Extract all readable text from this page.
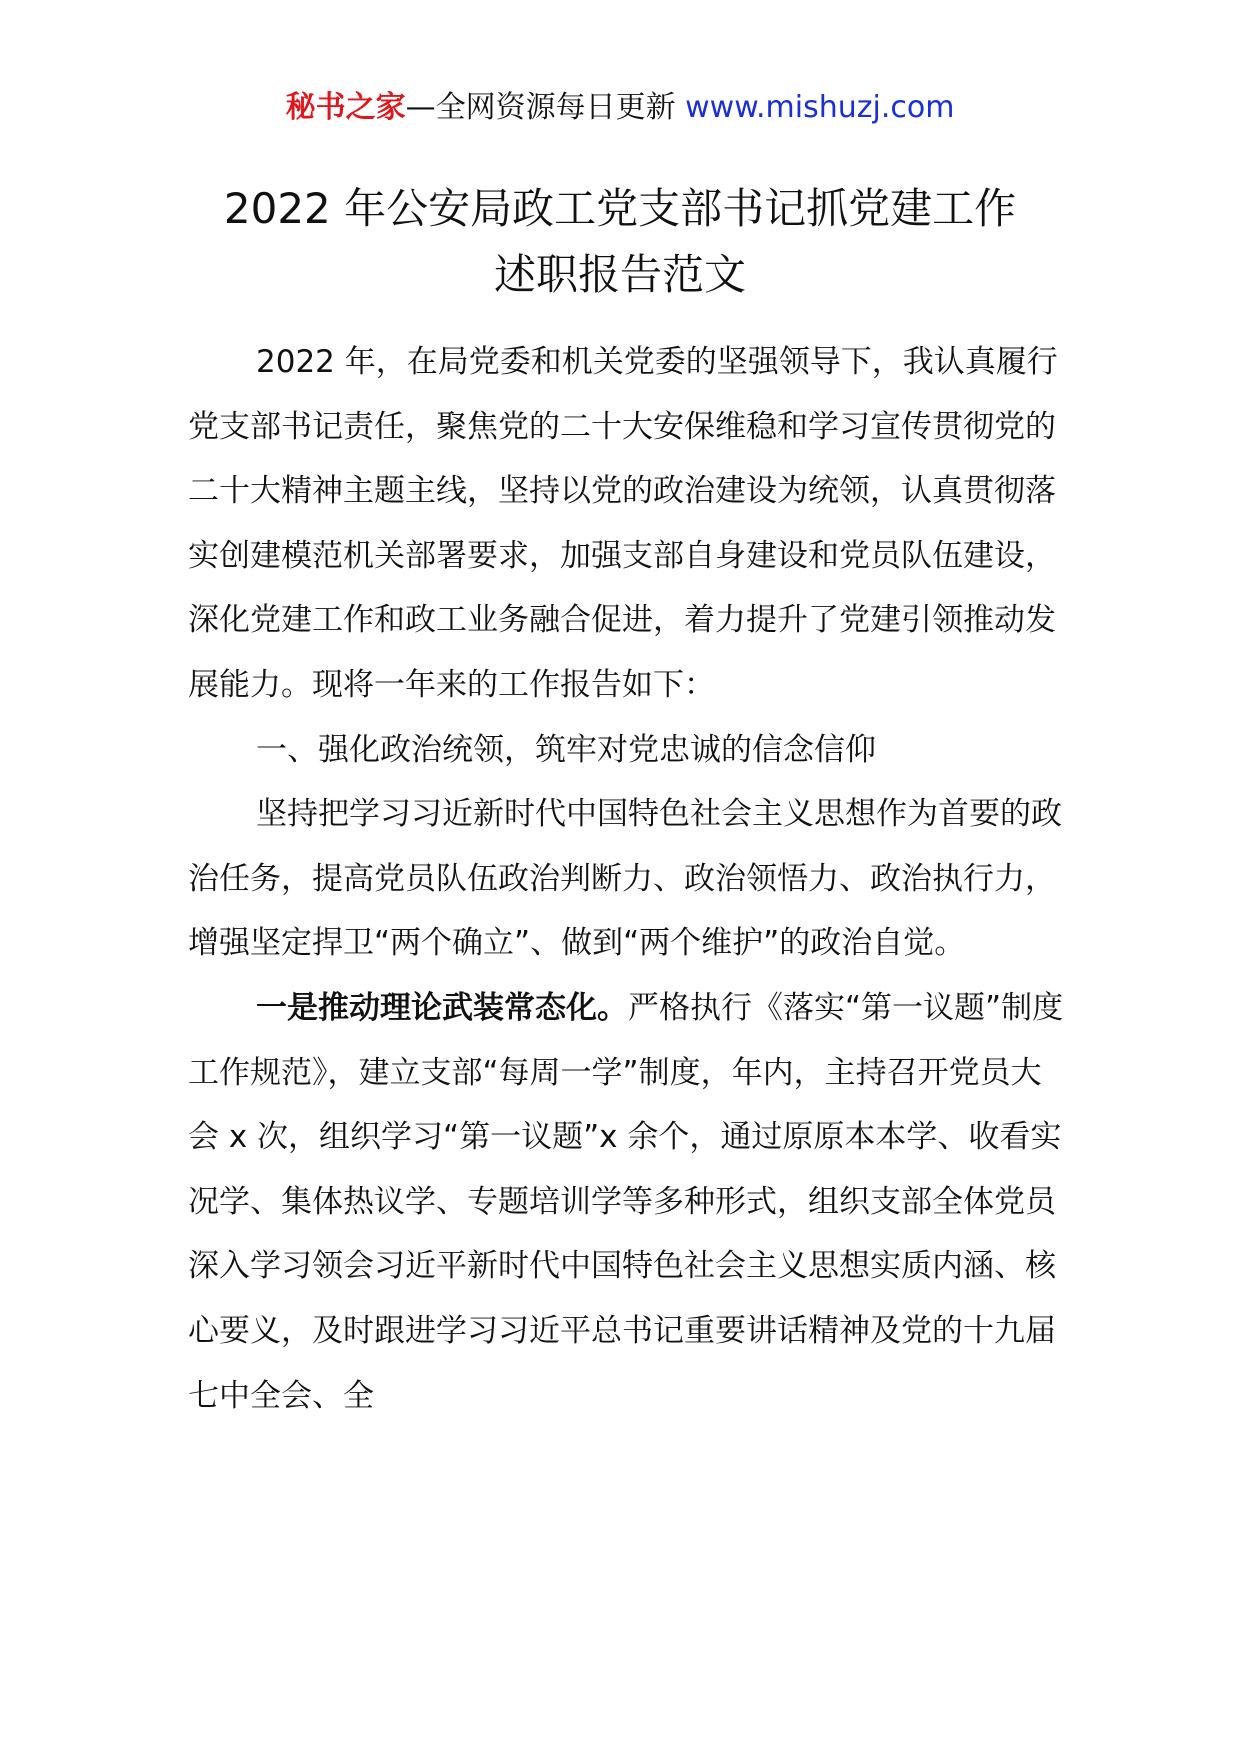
秘书之家—全网资源每日更新 www.mishuzj.com
2022 年公安局政工党支部书记抓党建工作
述职报告范文

2022 年，在局党委和机关党委的坚强领导下，我认真履行党支部书记责任，聚焦党的二十大安保维稳和学习宣传贯彻党的二十大精神主题主线，坚持以党的政治建设为统领，认真贯彻落实创建模范机关部署要求，加强支部自身建设和党员队伍建设，深化党建工作和政工业务融合促进，着力提升了党建引领推动发展能力。现将一年来的工作报告如下：

一、强化政治统领，筑牢对党忠诚的信念信仰

坚持把学习习近新时代中国特色社会主义思想作为首要的政治任务，提高党员队伍政治判断力、政治领悟力、政治执行力，增强坚定捍卫“两个确立”、做到“两个维护”的政治自觉。

一是推动理论武装常态化。严格执行《落实“第一议题”制度工作规范》，建立支部“每周一学”制度，年内，主持召开党员大会 x 次，组织学习“第一议题”x 余个，通过原原本本学、收看实况学、集体热议学、专题培训学等多种形式，组织支部全体党员深入学习领会习近平新时代中国特色社会主义思想实质内涵、核心要义，及时跟进学习习近平总书记重要讲话精神及党的十九届七中全会、全
